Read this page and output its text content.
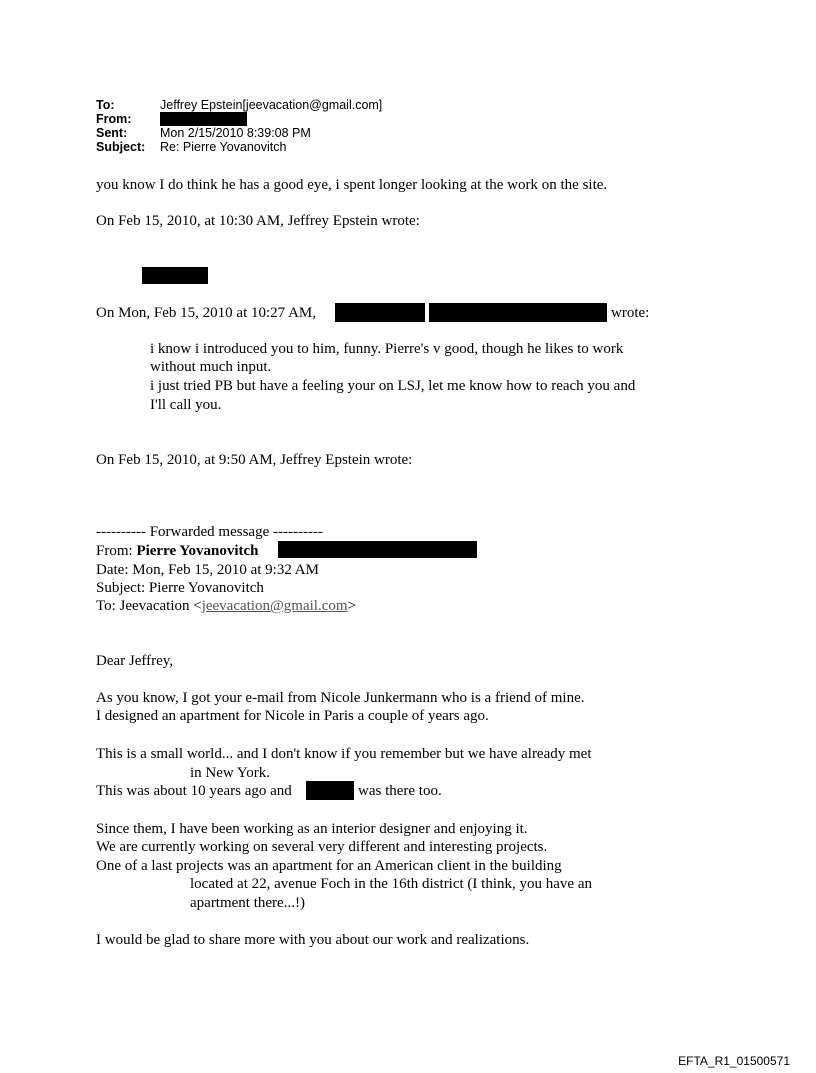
To:	Jeffrey Epstein[jeevacation@gmail.com]
From:
Sent:	Mon 2/15/2010 8:39:08 PM
Subject: Re: Pierre Yovanovitch
you know I do think he has a good eye, i spent longer looking at the work on the site.
On Feb 15, 2010, at 10:30 AM, Jeffrey Epstein wrote:
On Mon, Feb 15, 2010 at 10:27 AM,	wrote:
i know i introduced you to him, funny. Pierre's v good, though he likes to work
without much input.
i just tried PB but have a feeling your on LSJ, let me know how to reach you and
I'll call you.
On Feb 15, 2010, at 9:50 AM, Jeffrey Epstein wrote:
---------- Forwarded message ----------
From: Pierre Yovanovitch
Date: Mon, Feb 15, 2010 at 9:32 AM
Subject: Pierre Yovanovitch
To: Jeevacation <jeevacation@gmail.com>
Dear Jeffrey,
As you know, I got your e-mail from Nicole Junkermann who is a friend of mine.
I designed an apartment for Nicole in Paris a couple of years ago.
This is a small world... and I don't know if you remember but we have already met
in New York.
This was about 10 years ago and	was there too.
Since them, I have been working as an interior designer and enjoying it.
We are currently working on several very different and interesting projects.
One of a last projects was an apartment for an American client in the building
located at 22, avenue Foch in the 16th district (I think, you have an
apartment there...!)
I would be glad to share more with you about our work and realizations.
EFTA_R1_01500571
